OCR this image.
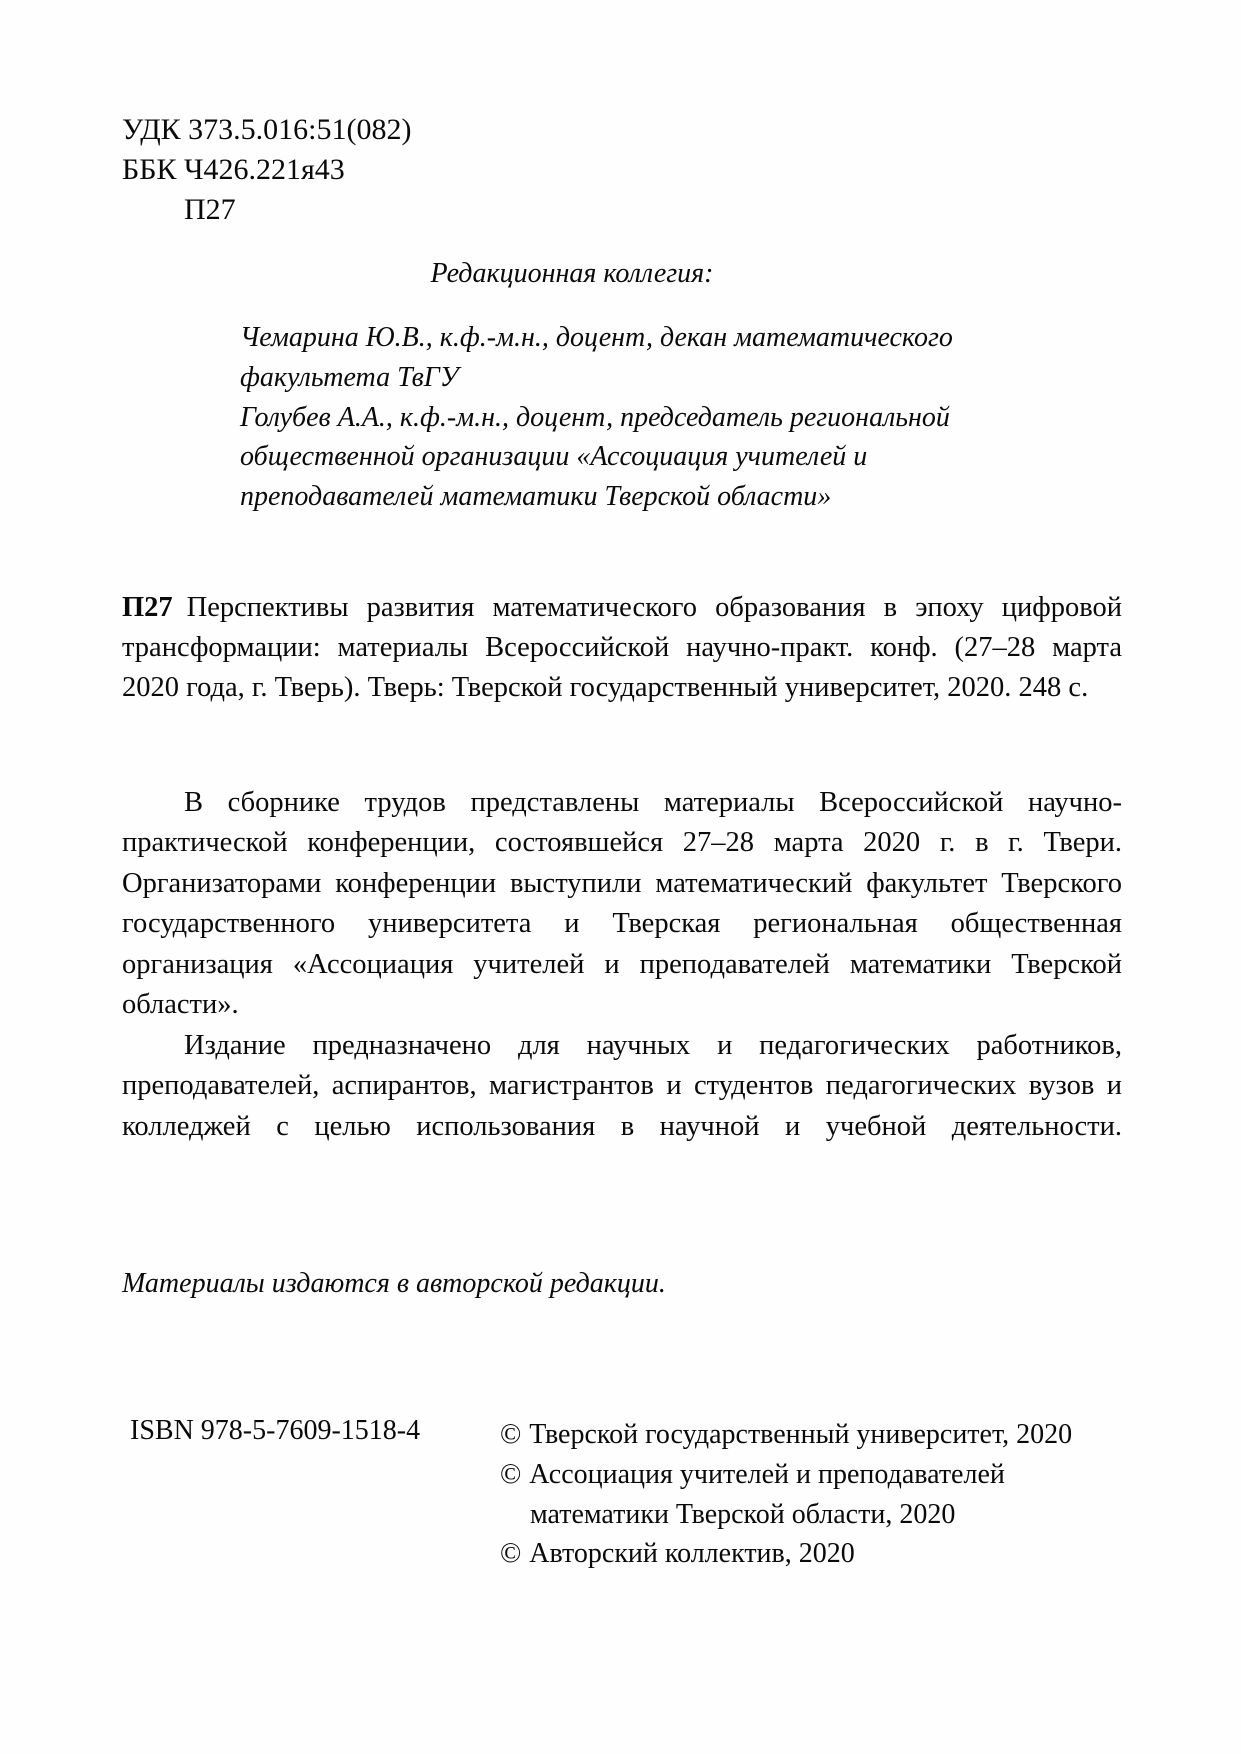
УДК 373.5.016:51(082)
ББК Ч426.221я43
П27
Редакционная коллегия:

Чемарина Ю.В., к.ф.-м.н., доцент, декан математического факультета ТвГУ

Голубев А.А., к.ф.-м.н., доцент, председатель региональной общественной организации «Ассоциация учителей и преподавателей математики Тверской области»

П27 Перспективы развития математического образования в эпоху цифровой трансформации: материалы Всероссийской научно-практ. конф. (27–28 марта 2020 года, г. Тверь). Тверь: Тверской государственный университет, 2020. 248 с.

В сборнике трудов представлены материалы Всероссийской научно-практической конференции, состоявшейся 27–28 марта 2020 г. в г. Твери. Организаторами конференции выступили математический факультет Тверского государственного университета и Тверская региональная общественная организация «Ассоциация учителей и преподавателей математики Тверской области».

Издание предназначено для научных и педагогических работников, преподавателей, аспирантов, магистрантов и студентов педагогических вузов и колледжей с целью использования в научной и учебной деятельности.

Материалы издаются в авторской редакции.
ISBN 978-5-7609-1518-4	© Тверской государственный университет, 2020
© Ассоциация учителей и преподавателей математики Тверской области, 2020
© Авторский коллектив, 2020
